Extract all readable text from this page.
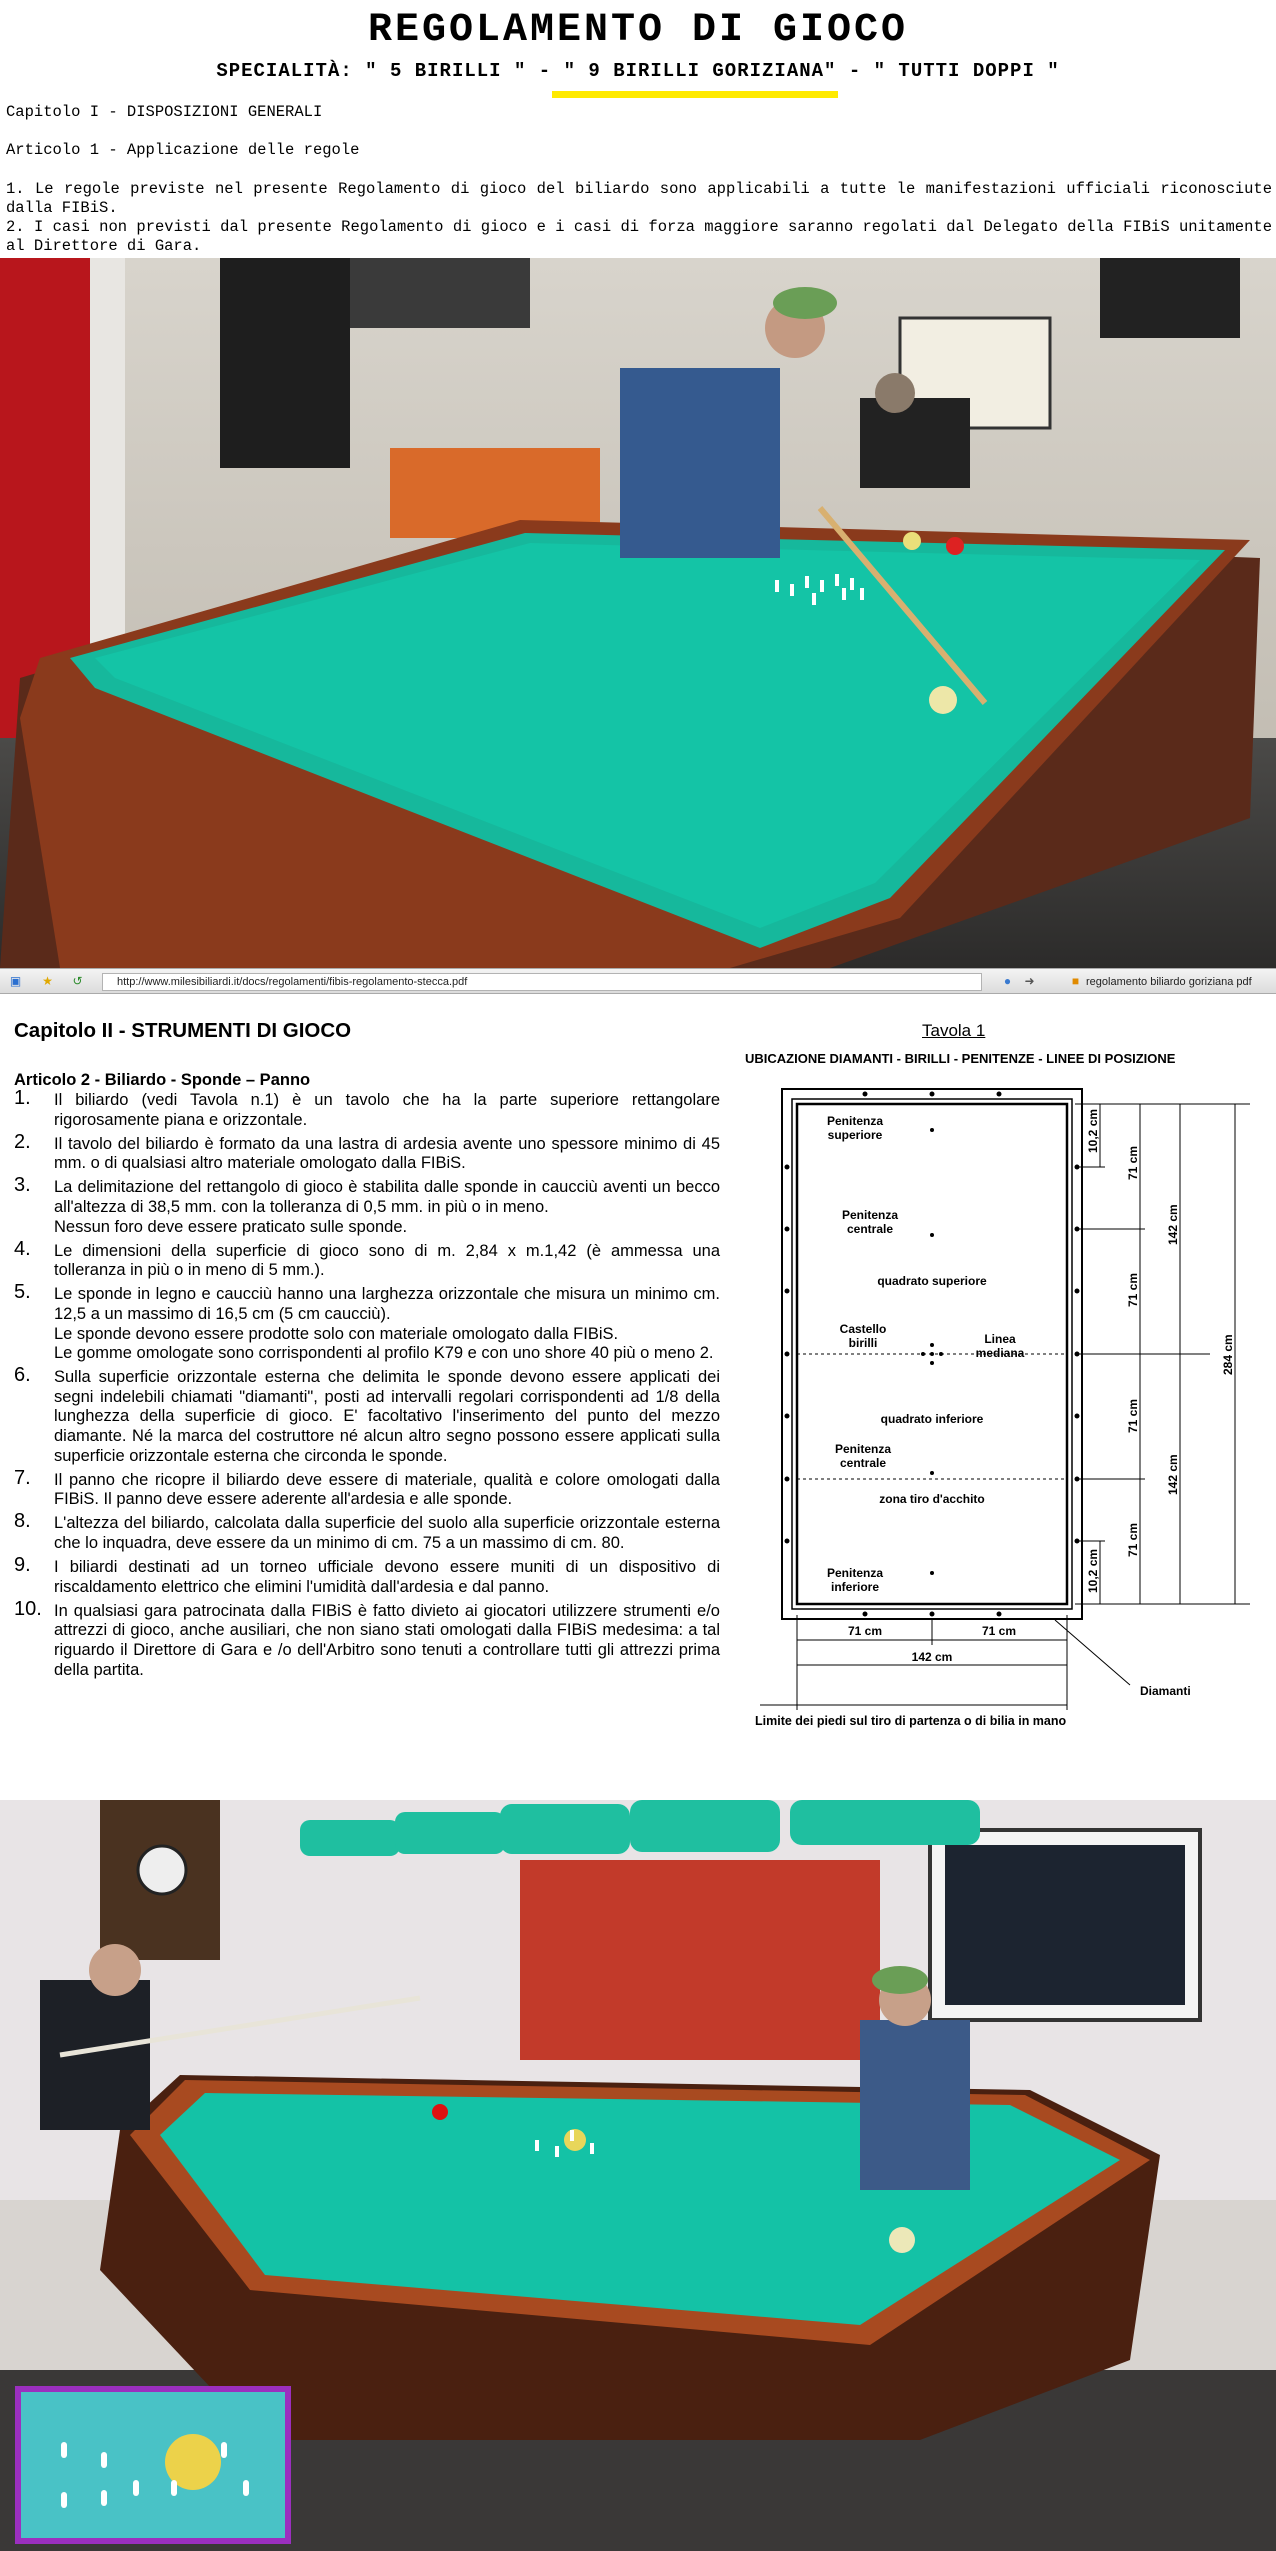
REGOLAMENTO DI GIOCO
SPECIALITÀ: " 5 BIRILLI " - " 9 BIRILLI GORIZIANA" - " TUTTI DOPPI "
Capitolo I - DISPOSIZIONI GENERALI
Articolo 1 - Applicazione delle regole
1. Le regole previste nel presente Regolamento di gioco del biliardo sono applicabili a tutte le manifestazioni ufficiali riconosciute dalla FIBiS.
2. I casi non previsti dal presente Regolamento di gioco e i casi di forza maggiore saranno regolati dal Delegato della FIBiS unitamente al Direttore di Gara.
▣ ★ ↺	http://www.milesibiliardi.it/docs/regolamenti/fibis-regolamento-stecca.pdf	●	➜	regolamento biliardo goriziana pdf
■
Capitolo II - STRUMENTI DI GIOCO
Articolo 2 - Biliardo - Sponde – Panno
1. Il biliardo (vedi Tavola n.1) è un tavolo che ha la parte superiore rettangolare rigorosamente piana e orizzontale.
2. Il tavolo del biliardo è formato da una lastra di ardesia avente uno spessore minimo di 45 mm. o di qualsiasi altro materiale omologato dalla FIBiS.
3. La delimitazione del rettangolo di gioco è stabilita dalle sponde in caucciù aventi un becco all'altezza di 38,5 mm. con la tolleranza di 0,5 mm. in più o in meno.
Nessun foro deve essere praticato sulle sponde.
4. Le dimensioni della superficie di gioco sono di m. 2,84 x m.1,42 (è ammessa una tolleranza in più o in meno di 5 mm.).
5. Le sponde in legno e caucciù hanno una larghezza orizzontale che misura un minimo cm. 12,5 a un massimo di 16,5 cm (5 cm caucciù).
Le sponde devono essere prodotte solo con materiale omologato dalla FIBiS.
Le gomme omologate sono corrispondenti al profilo K79 e con uno shore 40 più o meno 2.
6. Sulla superficie orizzontale esterna che delimita le sponde devono essere applicati dei segni indelebili chiamati "diamanti", posti ad intervalli regolari corrispondenti ad 1/8 della lunghezza della superficie di gioco. E' facoltativo l'inserimento del punto del mezzo diamante. Né la marca del costruttore né alcun altro segno possono essere applicati sulla superficie orizzontale esterna che circonda le sponde.
7. Il panno che ricopre il biliardo deve essere di materiale, qualità e colore omologati dalla FIBiS. Il panno deve essere aderente all'ardesia e alle sponde.
8. L'altezza del biliardo, calcolata dalla superficie del suolo alla superficie orizzontale esterna che lo inquadra, deve essere da un minimo di cm. 75 a un massimo di cm. 80.
9. I biliardi destinati ad un torneo ufficiale devono essere muniti di un dispositivo di riscaldamento elettrico che elimini l'umidità dall'ardesia e dal panno.
10. In qualsiasi gara patrocinata dalla FIBiS è fatto divieto ai giocatori utilizzere strumenti e/o attrezzi di gioco, anche ausiliari, che non siano stati omologati dalla FIBiS medesima: a tal riguardo il Direttore di Gara e /o dell'Arbitro sono tenuti a controllare tutti gli attrezzi prima della partita.
Tavola 1
UBICAZIONE DIAMANTI - BIRILLI - PENITENZE - LINEE DI POSIZIONE
Penitenza superiore
Penitenza centrale
quadrato superiore
Castello birilli	Linea mediana
quadrato inferiore
Penitenza centrale
zona tiro d'acchito
Penitenza inferiore
10,2 cm
71 cm
71 cm
71 cm
71 cm
10,2 cm
142 cm
142 cm
284 cm
71 cm	71 cm
142 cm
Diamanti
Limite dei piedi sul tiro di partenza o di bilia in mano
